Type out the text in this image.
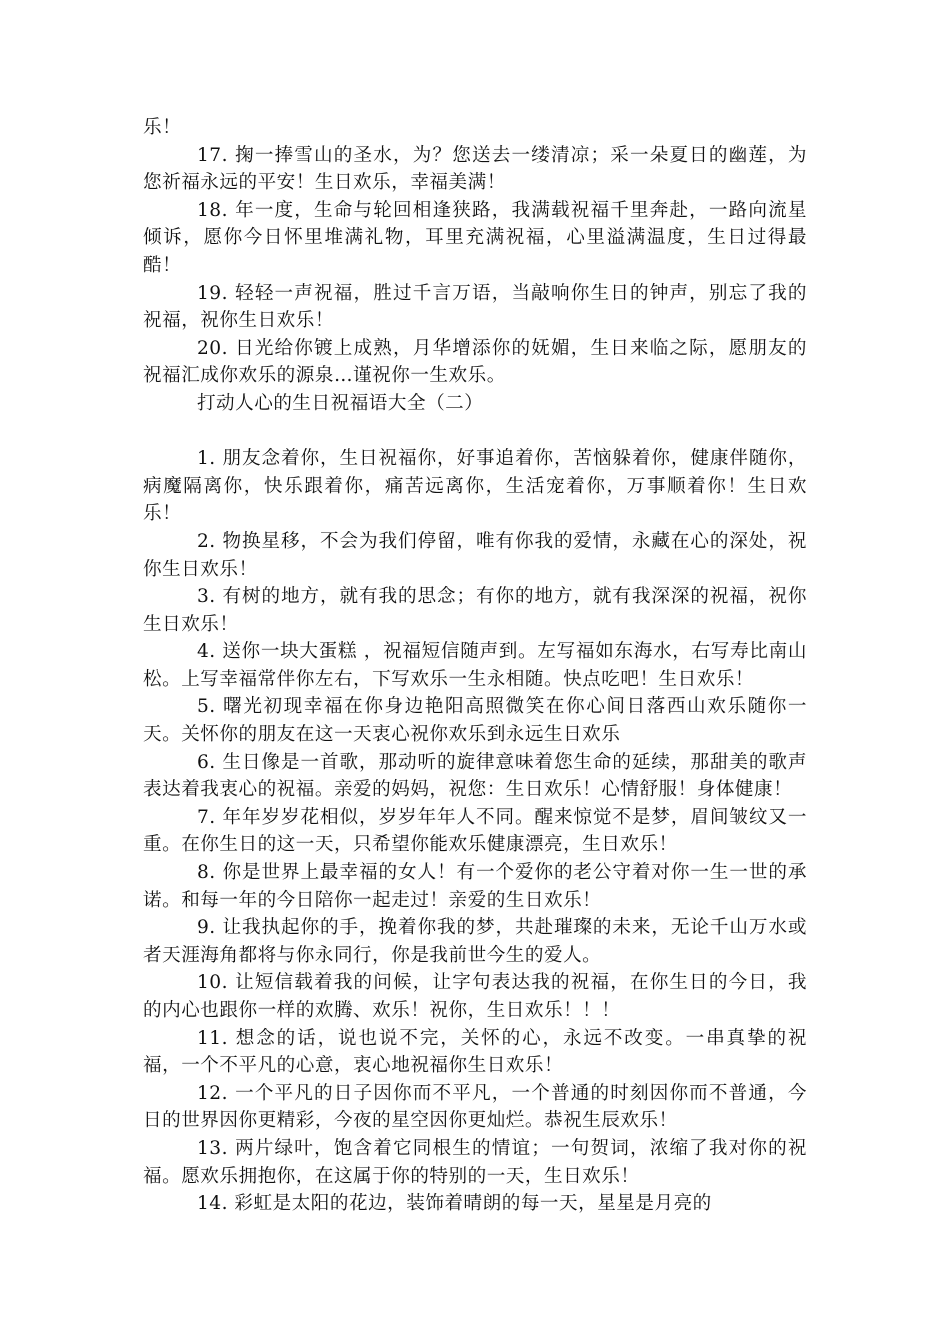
乐！

17. 掬一捧雪山的圣水，为？您送去一缕清凉；采一朵夏日的幽莲，为您祈福永远的平安！生日欢乐，幸福美满！

18. 年一度，生命与轮回相逢狭路，我满载祝福千里奔赴，一路向流星倾诉，愿你今日怀里堆满礼物，耳里充满祝福，心里溢满温度，生日过得最酷！

19. 轻轻一声祝福，胜过千言万语，当敲响你生日的钟声，别忘了我的祝福，祝你生日欢乐！

20. 日光给你镀上成熟，月华增添你的妩媚，生日来临之际，愿朋友的祝福汇成你欢乐的源泉…谨祝你一生欢乐。

打动人心的生日祝福语大全（二）

1. 朋友念着你，生日祝福你，好事追着你，苦恼躲着你，健康伴随你，病魔隔离你，快乐跟着你，痛苦远离你，生活宠着你，万事顺着你！生日欢乐！

2. 物换星移，不会为我们停留，唯有你我的爱情，永藏在心的深处，祝你生日欢乐！

3. 有树的地方，就有我的思念；有你的地方，就有我深深的祝福，祝你生日欢乐！

4. 送你一块大蛋糕 ，祝福短信随声到。左写福如东海水，右写寿比南山松。上写幸福常伴你左右，下写欢乐一生永相随。快点吃吧！生日欢乐！

5. 曙光初现幸福在你身边艳阳高照微笑在你心间日落西山欢乐随你一天。关怀你的朋友在这一天衷心祝你欢乐到永远生日欢乐

6. 生日像是一首歌，那动听的旋律意味着您生命的延续，那甜美的歌声表达着我衷心的祝福。亲爱的妈妈，祝您：生日欢乐！心情舒服！身体健康！

7. 年年岁岁花相似，岁岁年年人不同。醒来惊觉不是梦，眉间皱纹又一重。在你生日的这一天，只希望你能欢乐健康漂亮，生日欢乐！

8. 你是世界上最幸福的女人！有一个爱你的老公守着对你一生一世的承诺。和每一年的今日陪你一起走过！亲爱的生日欢乐！

9. 让我执起你的手，挽着你我的梦，共赴璀璨的未来，无论千山万水或者天涯海角都将与你永同行，你是我前世今生的爱人。

10. 让短信载着我的问候，让字句表达我的祝福，在你生日的今日，我的内心也跟你一样的欢腾、欢乐！祝你，生日欢乐！！！

11. 想念的话，说也说不完，关怀的心，永远不改变。一串真挚的祝福，一个不平凡的心意，衷心地祝福你生日欢乐！

12. 一个平凡的日子因你而不平凡，一个普通的时刻因你而不普通，今日的世界因你更精彩，今夜的星空因你更灿烂。恭祝生辰欢乐！

13. 两片绿叶，饱含着它同根生的情谊；一句贺词，浓缩了我对你的祝福。愿欢乐拥抱你，在这属于你的特别的一天，生日欢乐！

14. 彩虹是太阳的花边，装饰着晴朗的每一天，星星是月亮的
